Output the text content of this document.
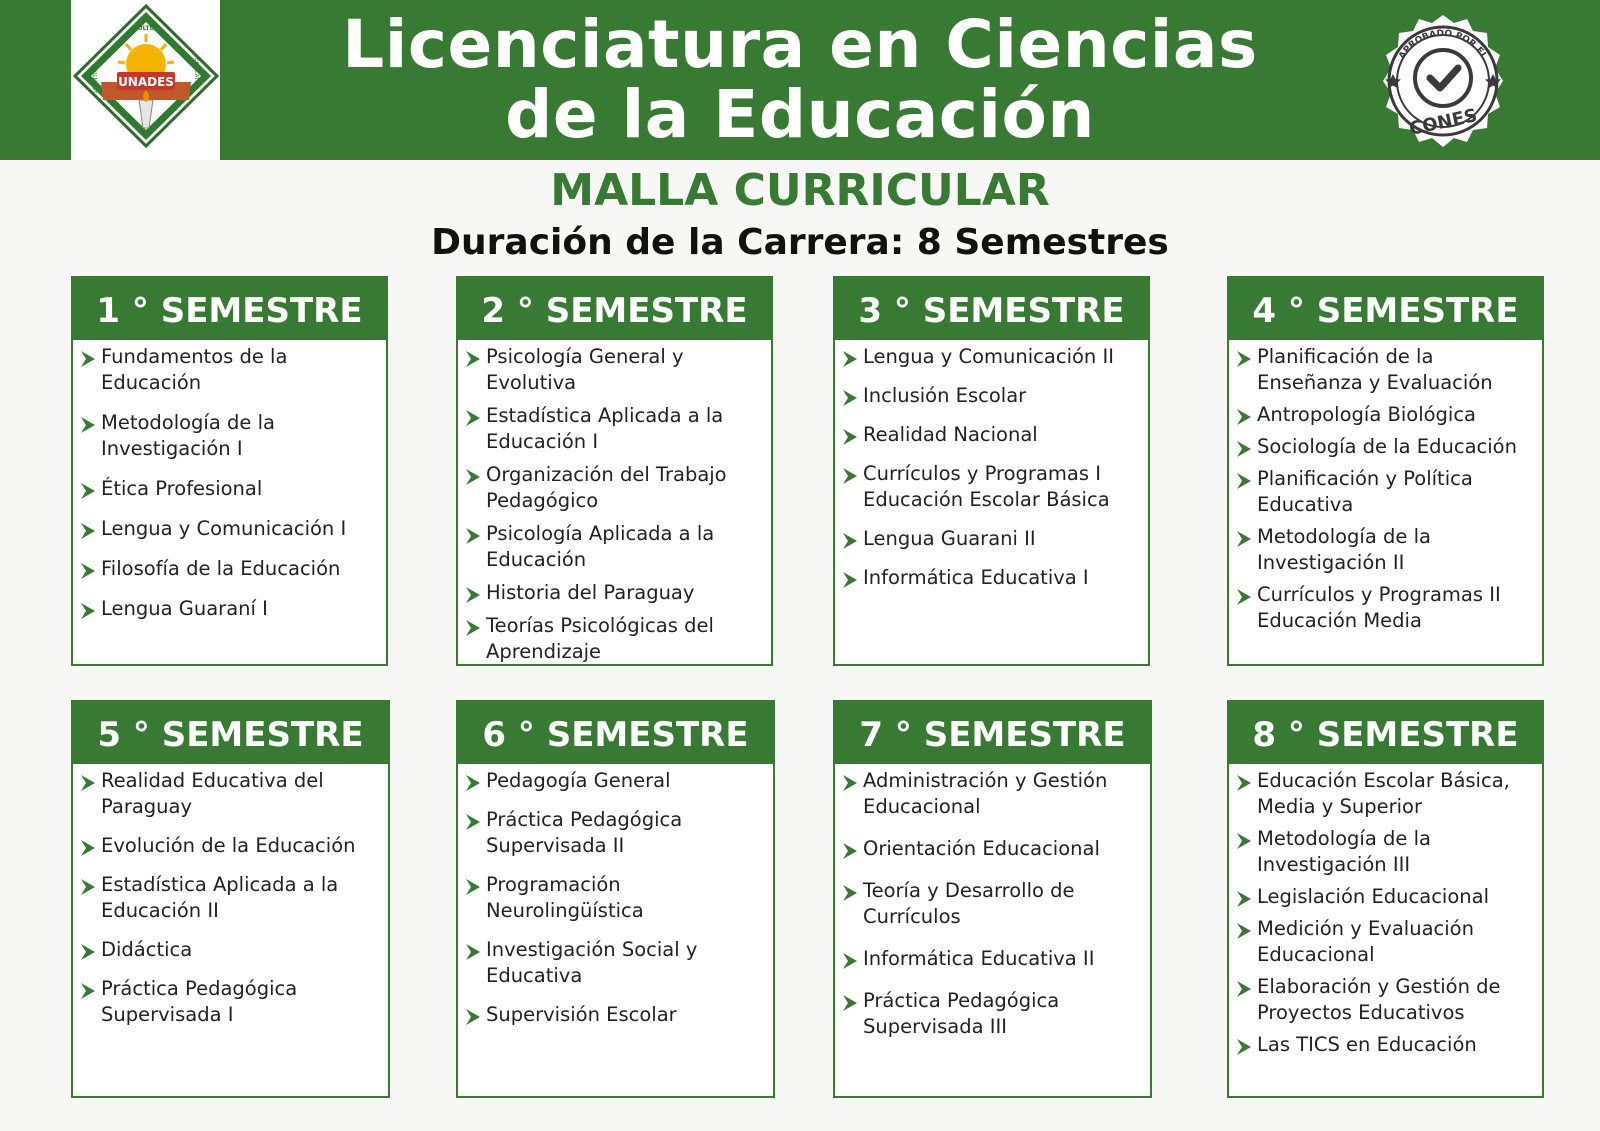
UNADES
CULTUS
SCIENTIA	EDUCATIO	Licenciatura en Ciencias
de la Educación
APROBADO POR EL
CONES
MALLA CURRICULAR
Duración de la Carrera: 8 Semestres
1 ° SEMESTRE
Fundamentos de la Educación
Metodología de la
Investigación I
Ética Profesional
Lengua y Comunicación I
Filosofía de la Educación
Lengua Guaraní I
2 ° SEMESTRE
Psicología General y Evolutiva
Estadística Aplicada a la
Educación I
Organización del Trabajo
Pedagógico
Psicología Aplicada a la
Educación
Historia del Paraguay
Teorías Psicológicas del
Aprendizaje
3 ° SEMESTRE
Lengua y Comunicación II
Inclusión Escolar
Realidad Nacional
Currículos y Programas I
Educación Escolar Básica
Lengua Guarani II
Informática Educativa I
4 ° SEMESTRE
Planificación de la
Enseñanza y Evaluación
Antropología Biológica
Sociología de la Educación
Planificación y Política
Educativa
Metodología de la
Investigación II
Currículos y Programas II
Educación Media
5 ° SEMESTRE
Realidad Educativa del
Paraguay
Evolución de la Educación
Estadística Aplicada a la
Educación II
Didáctica
Práctica Pedagógica
Supervisada I
6 ° SEMESTRE
Pedagogía General
Práctica Pedagógica
Supervisada II
Programación
Neurolingüística
Investigación Social y
Educativa
Supervisión Escolar
7 ° SEMESTRE
Administración y Gestión
Educacional
Orientación Educacional
Teoría y Desarrollo de
Currículos
Informática Educativa II
Práctica Pedagógica
Supervisada III
8 ° SEMESTRE
Educación Escolar Básica,
Media y Superior
Metodología de la
Investigación III
Legislación Educacional
Medición y Evaluación
Educacional
Elaboración y Gestión de
Proyectos Educativos
Las TICS en Educación
